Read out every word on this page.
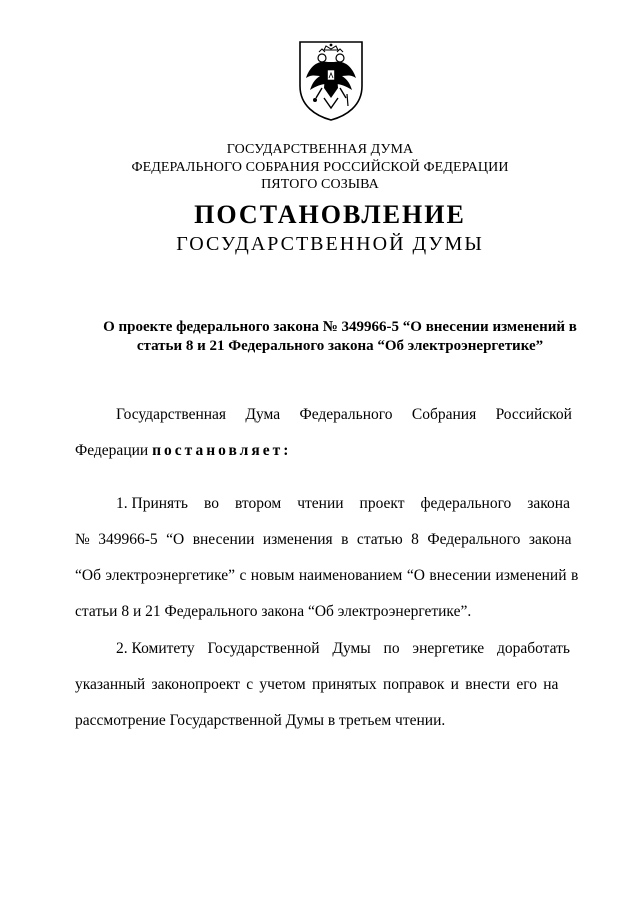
ГОСУДАРСТВЕННАЯ ДУМА
ФЕДЕРАЛЬНОГО СОБРАНИЯ РОССИЙСКОЙ ФЕДЕРАЦИИ
ПЯТОГО СОЗЫВА
ПОСТАНОВЛЕНИЕ
ГОСУДАРСТВЕННОЙ ДУМЫ
О проекте федерального закона № 349966-5 “О внесении изменений в
статьи 8 и 21 Федерального закона “Об электроэнергетике”
Государственная Дума Федерального Собрания Российской
Федерации постановляет:
1. Принять во втором чтении проект федерального закона
№ 349966-5 “О внесении изменения в статью 8 Федерального закона
“Об электроэнергетике” с новым наименованием “О внесении изменений в
статьи 8 и 21 Федерального закона “Об электроэнергетике”.
2. Комитету Государственной Думы по энергетике доработать
указанный законопроект с учетом принятых поправок и внести его на
рассмотрение Государственной Думы в третьем чтении.
